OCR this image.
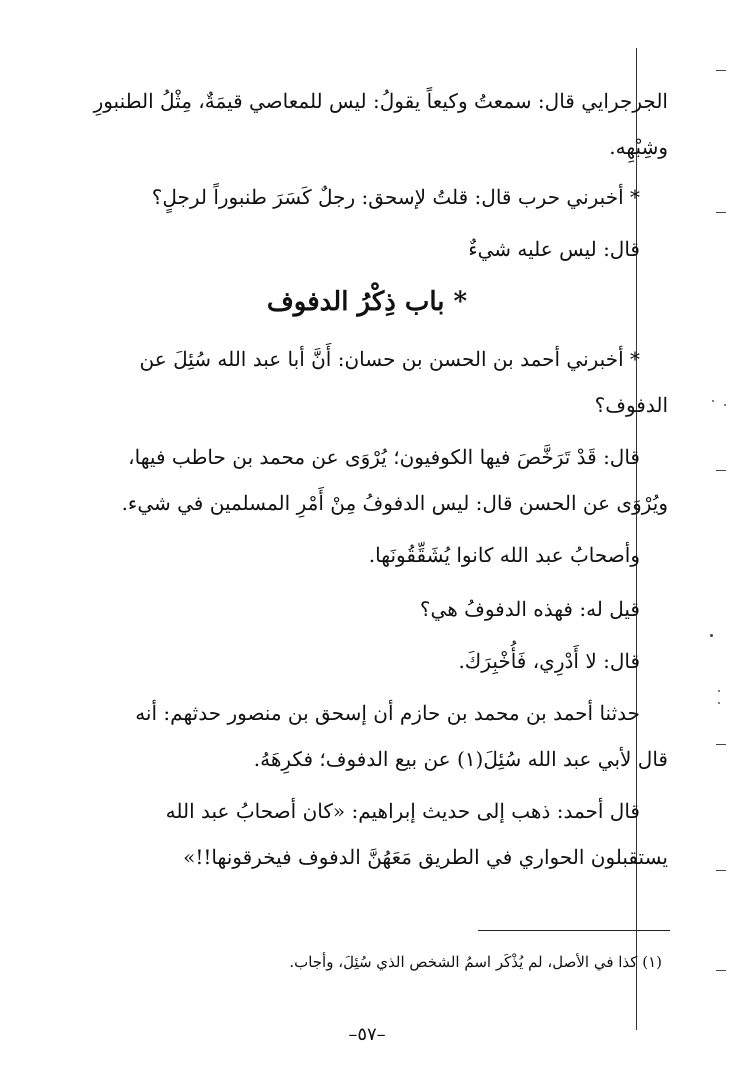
الجرجرايي قال: سمعتُ وكيعاً يقولُ: ليس للمعاصي قيمَةٌ، مِثْلُ الطنبورِ
وشِبْهِه.
* أخبرني حرب قال: قلتُ لإسحق: رجلٌ كَسَرَ طنبوراً لرجلٍ؟
قال: ليس عليه شيءٌ
* باب ذِكْرُ الدفوف
* أخبرني أحمد بن الحسن بن حسان: أَنَّ أبا عبد الله سُئِلَ عن
الدفوف؟
قال: قَدْ تَرَخَّصَ فيها الكوفيون؛ يُرْوَى عن محمد بن حاطب فيها،
ويُرْوَى عن الحسن قال: ليس الدفوفُ مِنْ أَمْرِ المسلمين في شيء.
وأصحابُ عبد الله كانوا يُشَقِّقُونَها.
قيل له: فهذه الدفوفُ هي؟
قال: لا أَدْرِي، فَأُخْبِرَكَ.
حدثنا أحمد بن محمد بن حازم أن إسحق بن منصور حدثهم: أنه
قال لأبي عبد الله سُئِلَ(١) عن بيع الدفوف؛ فكرِهَهُ.
قال أحمد: ذهب إلى حديث إبراهيم: «كان أصحابُ عبد الله
يستقبلون الحواري في الطريق مَعَهُنَّ الدفوف فيخرقونها!!»
(١) كذا في الأصل، لم يُذْكَر اسمُ الشخص الذي سُئِلَ، وأجاب.
–٥٧–
